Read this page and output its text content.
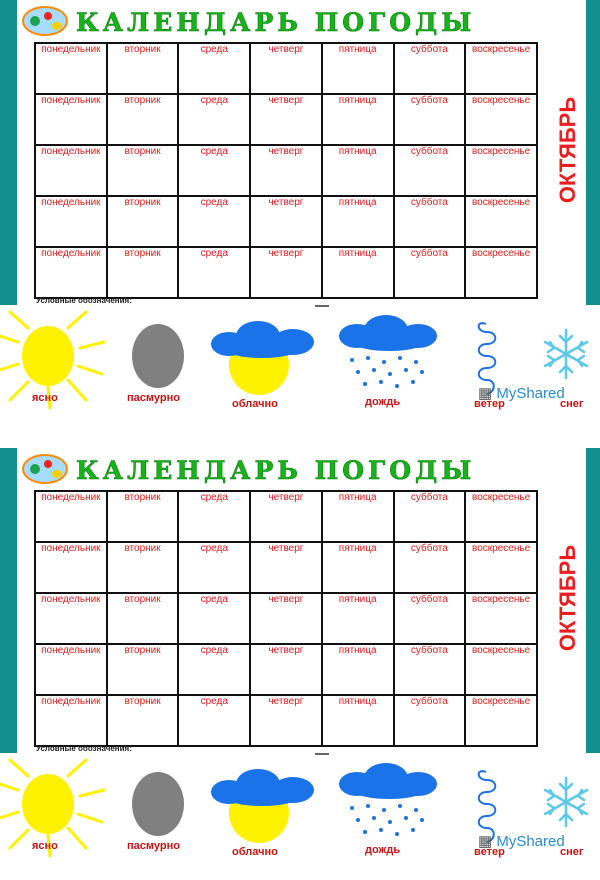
КАЛЕНДАРЬ ПОГОДЫ
понедельник	вторник	среда	четверг	пятница	суббота	воскресенье

понедельник	вторник	среда	четверг	пятница	суббота	воскресенье

понедельник	вторник	среда	четверг	пятница	суббота	воскресенье

понедельник	вторник	среда	четверг	пятница	суббота	воскресенье

понедельник	вторник	среда	четверг	пятница	суббота	воскресенье
ОКТЯБРЬ
Условные обозначения:
ясно	пасмурно	облачно	дождь	ветер	снег
▦ MyShared
КАЛЕНДАРЬ ПОГОДЫ
понедельник	вторник	среда	четверг	пятница	суббота	воскресенье

понедельник	вторник	среда	четверг	пятница	суббота	воскресенье

понедельник	вторник	среда	четверг	пятница	суббота	воскресенье

понедельник	вторник	среда	четверг	пятница	суббота	воскресенье

понедельник	вторник	среда	четверг	пятница	суббота	воскресенье
ОКТЯБРЬ
Условные обозначения:
ясно	пасмурно	облачно	дождь	ветер	снег
▦ MyShared
